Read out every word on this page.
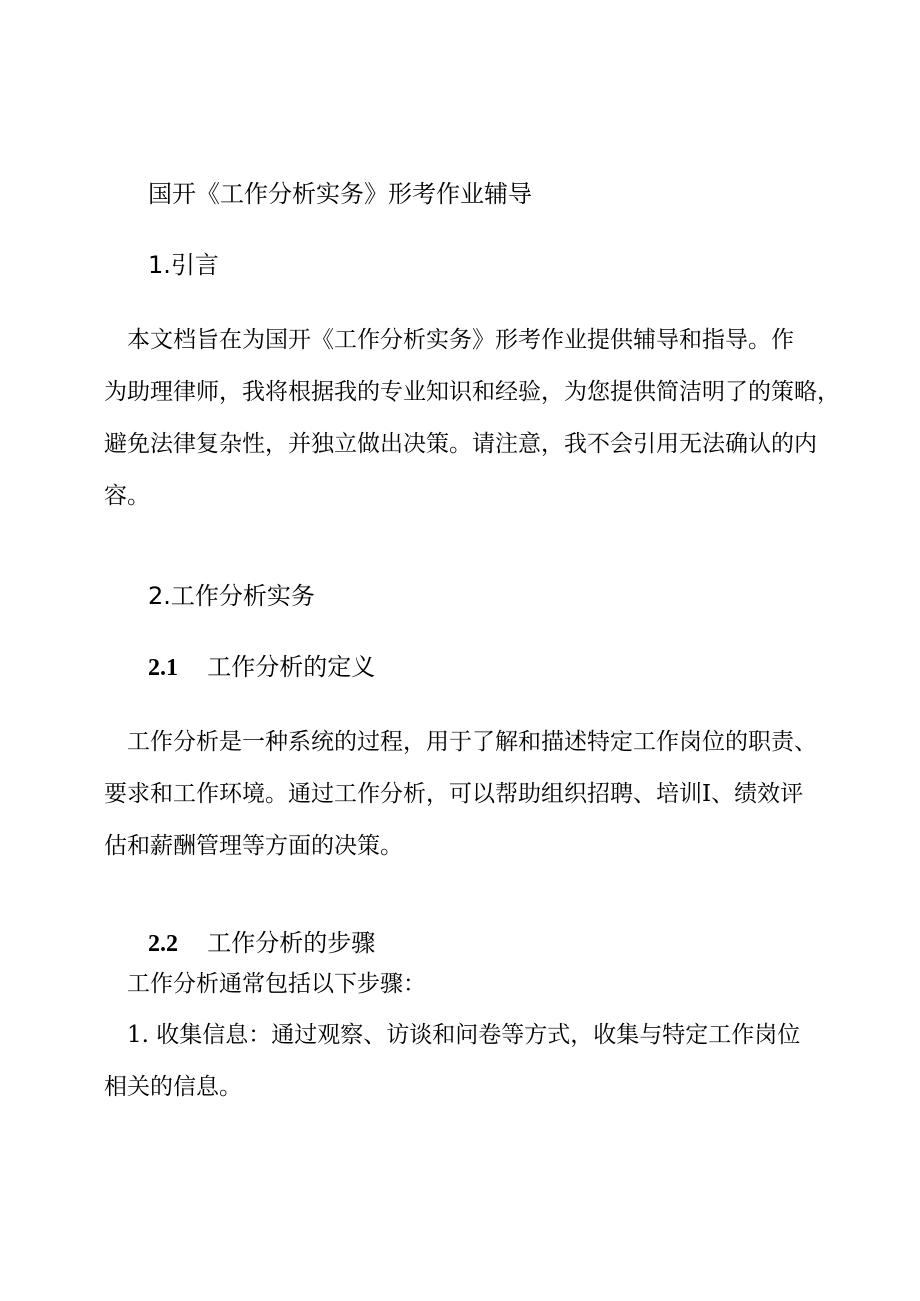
国开《工作分析实务》形考作业辅导
1.引言

　本文档旨在为国开《工作分析实务》形考作业提供辅导和指导。作
为助理律师，我将根据我的专业知识和经验，为您提供简洁明了的策略，
避免法律复杂性，并独立做出决策。请注意，我不会引用无法确认的内
容。

2.工作分析实务
2.1 工作分析的定义

　工作分析是一种系统的过程，用于了解和描述特定工作岗位的职责、
要求和工作环境。通过工作分析，可以帮助组织招聘、培训I、绩效评
估和薪酬管理等方面的决策。

2.2 工作分析的步骤

　工作分析通常包括以下步骤：

　1. 收集信息：通过观察、访谈和问卷等方式，收集与特定工作岗位
相关的信息。
